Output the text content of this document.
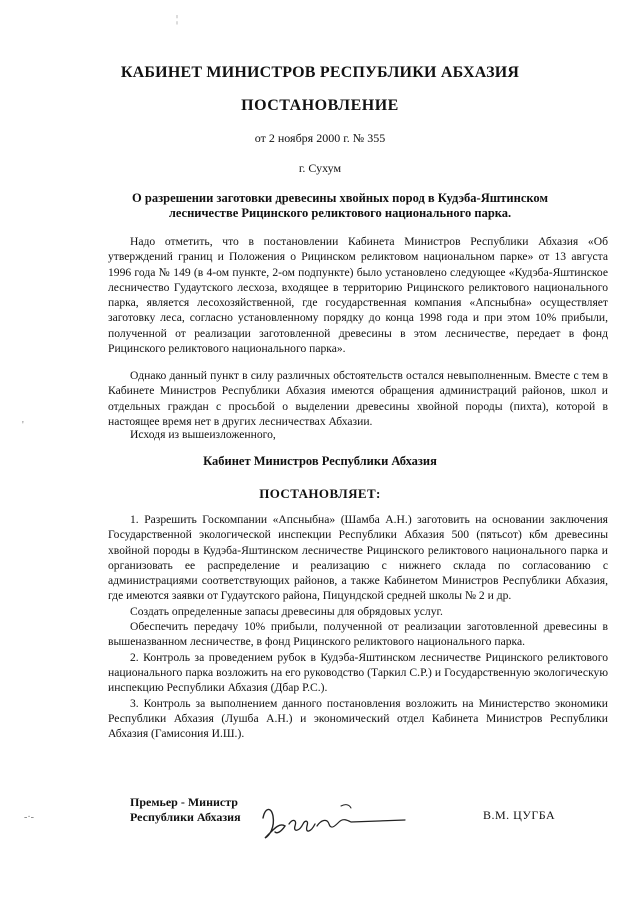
¦
'
-·-
КАБИНЕТ МИНИСТРОВ РЕСПУБЛИКИ АБХАЗИЯ
ПОСТАНОВЛЕНИЕ
от 2 ноября 2000 г. № 355
г. Сухум
О разрешении заготовки древесины хвойных пород в Кудэба-Яштинском лесничестве Рицинского реликтового национального парка.

Надо отметить, что в постановлении Кабинета Министров Республики Абхазия «Об утверждений границ и Положения о Рицинском реликтовом национальном парке» от 13 августа 1996 года № 149 (в 4-ом пункте, 2-ом подпункте) было установлено следующее «Кудэба-Яштинское лесничество Гудаутского лесхоза, входящее в территорию Рицинского реликтового национального парка, является лесохозяйственной, где государственная компания «Апсныбна» осуществляет заготовку леса, согласно установленному порядку до конца 1998 года и при этом 10% прибыли, полученной от реализации заготовленной древесины в этом лесничестве, передает в фонд Рицинского реликтового национального парка».

Однако данный пункт в силу различных обстоятельств остался невыполненным. Вместе с тем в Кабинете Министров Республики Абхазия имеются обращения администраций районов, школ и отдельных граждан с просьбой о выделении древесины хвойной породы (пихта), которой в настоящее время нет в других лесничествах Абхазии.

Исходя из вышеизложенного,

Кабинет Министров Республики Абхазия
ПОСТАНОВЛЯЕТ:

1. Разрешить Госкомпании «Апсныбна» (Шамба А.Н.) заготовить на основании заключения Государственной экологической инспекции Республики Абхазия 500 (пятьсот) кбм древесины хвойной породы в Кудэба-Яштинском лесничестве Рицинского реликтового национального парка и организовать ее распределение и реализацию с нижнего склада по согласованию с администрациями соответствующих районов, а также Кабинетом Министров Республики Абхазия, где имеются заявки от Гудаутского района, Пицундской средней школы № 2 и др.

Создать определенные запасы древесины для обрядовых услуг.

Обеспечить передачу 10% прибыли, полученной от реализации заготовленной древесины в вышеназванном лесничестве, в фонд Рицинского реликтового национального парка.

2. Контроль за проведением рубок в Кудэба-Яштинском лесничестве Рицинского реликтового национального парка возложить на его руководство (Таркил С.Р.) и Государственную экологическую инспекцию Республики Абхазия (Дбар Р.С.).

3. Контроль за выполнением данного постановления возложить на Министерство экономики Республики Абхазия (Лушба А.Н.) и экономический отдел Кабинета Министров Республики Абхазия (Гамисония И.Ш.).

Премьер - Министр
Республики Абхазия	В.М. ЦУГБА
